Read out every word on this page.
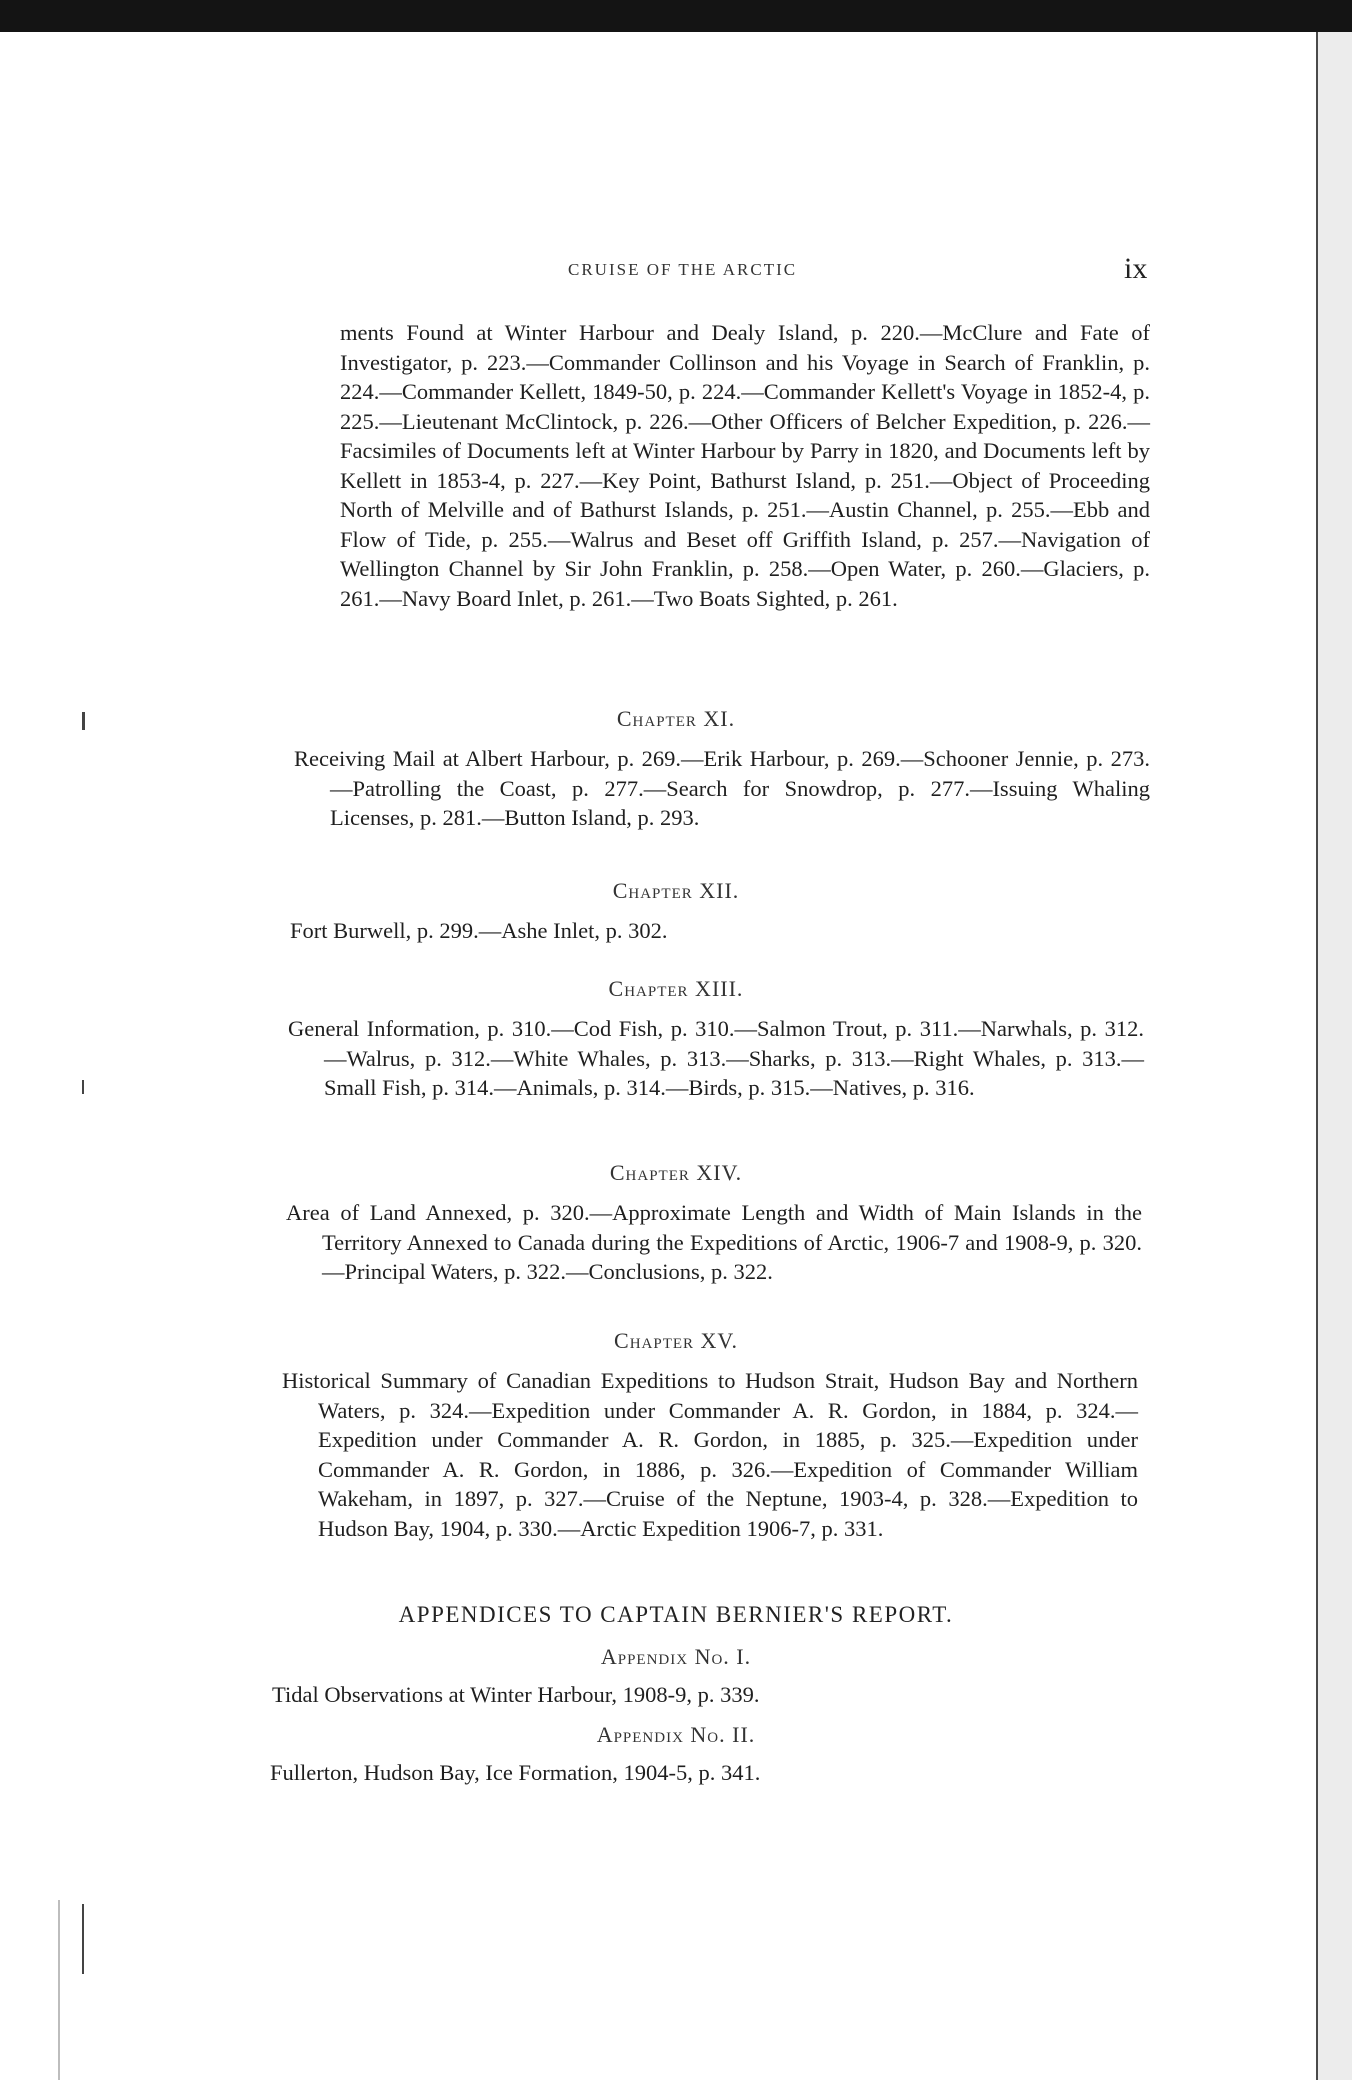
CRUISE OF THE ARCTIC	ix

ments Found at Winter Harbour and Dealy Island, p. 220.—McClure and Fate of Investigator, p. 223.—Commander Collinson and his Voyage in Search of Franklin, p. 224.—Commander Kellett, 1849-50, p. 224.—Commander Kellett's Voyage in 1852-4, p. 225.—Lieutenant McClintock, p. 226.—Other Officers of Belcher Expedition, p. 226.—Facsimiles of Documents left at Winter Harbour by Parry in 1820, and Documents left by Kellett in 1853-4, p. 227.—Key Point, Bathurst Island, p. 251.—Object of Proceeding North of Melville and of Bathurst Islands, p. 251.—Austin Channel, p. 255.—Ebb and Flow of Tide, p. 255.—Walrus and Beset off Griffith Island, p. 257.—Navigation of Wellington Channel by Sir John Franklin, p. 258.—Open Water, p. 260.—Glaciers, p. 261.—Navy Board Inlet, p. 261.—Two Boats Sighted, p. 261.

Chapter XI.

Receiving Mail at Albert Harbour, p. 269.—Erik Harbour, p. 269.—Schooner Jennie, p. 273.—Patrolling the Coast, p. 277.—Search for Snowdrop, p. 277.—Issuing Whaling Licenses, p. 281.—Button Island, p. 293.

Chapter XII.

Fort Burwell, p. 299.—Ashe Inlet, p. 302.

Chapter XIII.

General Information, p. 310.—Cod Fish, p. 310.—Salmon Trout, p. 311.—Narwhals, p. 312.—Walrus, p. 312.—White Whales, p. 313.—Sharks, p. 313.—Right Whales, p. 313.—Small Fish, p. 314.—Animals, p. 314.—Birds, p. 315.—Natives, p. 316.

Chapter XIV.

Area of Land Annexed, p. 320.—Approximate Length and Width of Main Islands in the Territory Annexed to Canada during the Expeditions of Arctic, 1906-7 and 1908-9, p. 320.—Principal Waters, p. 322.—Conclusions, p. 322.

Chapter XV.

Historical Summary of Canadian Expeditions to Hudson Strait, Hudson Bay and Northern Waters, p. 324.—Expedition under Commander A. R. Gordon, in 1884, p. 324.—Expedition under Commander A. R. Gordon, in 1885, p. 325.—Expedition under Commander A. R. Gordon, in 1886, p. 326.—Expedition of Commander William Wakeham, in 1897, p. 327.—Cruise of the Neptune, 1903-4, p. 328.—Expedition to Hudson Bay, 1904, p. 330.—Arctic Expedition 1906-7, p. 331.

APPENDICES TO CAPTAIN BERNIER'S REPORT.

Appendix No. I.

Tidal Observations at Winter Harbour, 1908-9, p. 339.

Appendix No. II.

Fullerton, Hudson Bay, Ice Formation, 1904-5, p. 341.
